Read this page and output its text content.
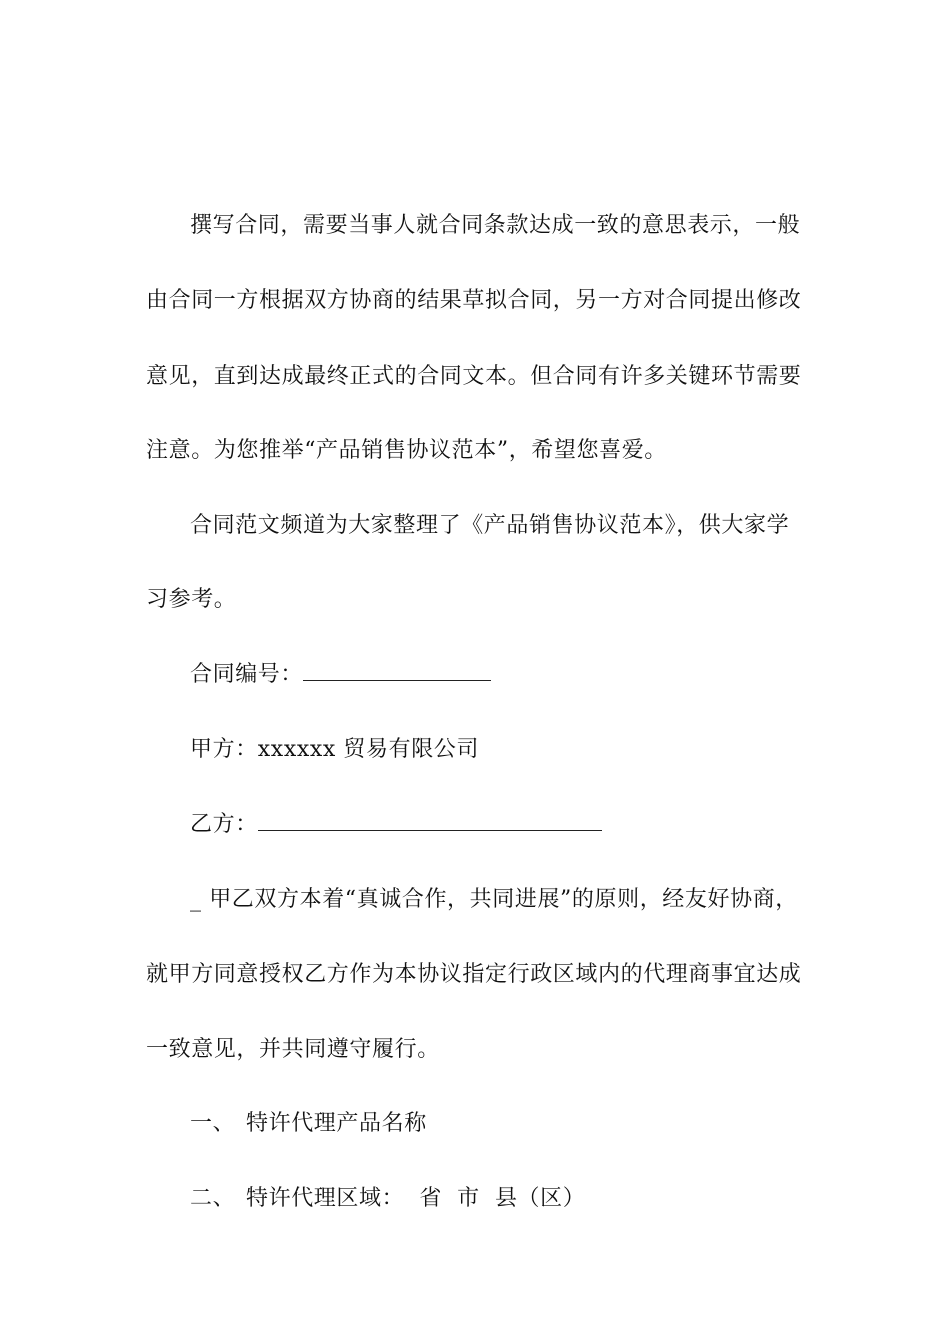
撰写合同，需要当事人就合同条款达成一致的意思表示，一般
由合同一方根据双方协商的结果草拟合同，另一方对合同提出修改
意见，直到达成最终正式的合同文本。但合同有许多关键环节需要
注意。为您推举“产品销售协议范本”，希望您喜爱。
合同范文频道为大家整理了《产品销售协议范本》，供大家学
习参考。
合同编号：
甲方：xxxxxx 贸易有限公司
乙方：
_ 甲乙双方本着“真诚合作，共同进展”的原则，经友好协商，
就甲方同意授权乙方作为本协议指定行政区域内的代理商事宜达成
一致意见，并共同遵守履行。
一、 特许代理产品名称
二、 特许代理区域：  省  市  县（区）
